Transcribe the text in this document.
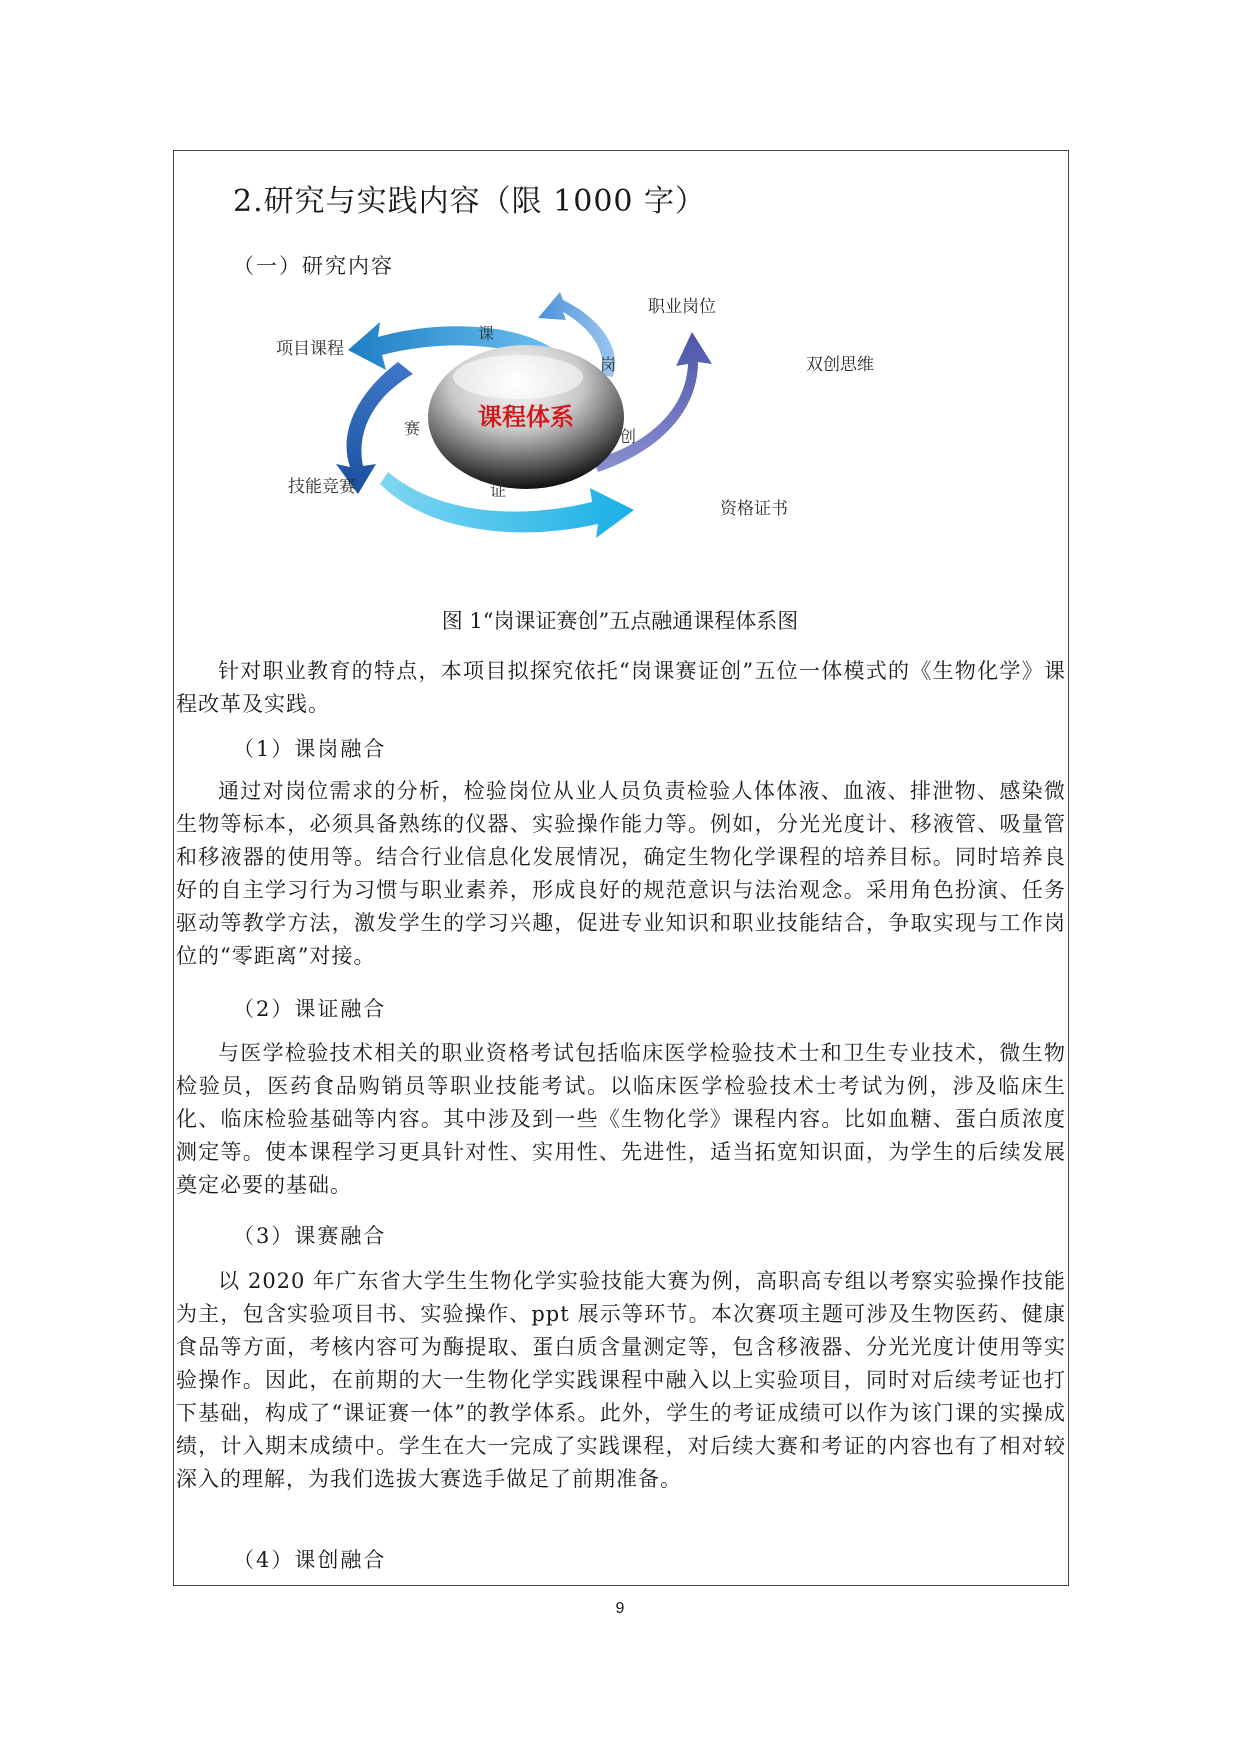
2.研究与实践内容（限 1000 字）
（一）研究内容
课程体系
课
岗
创
证
赛
职业岗位
项目课程
双创思维
技能竞赛
资格证书
图 1“岗课证赛创”五点融通课程体系图

针对职业教育的特点，本项目拟探究依托“岗课赛证创”五位一体模式的《生物化学》课程改革及实践。

（1）课岗融合

通过对岗位需求的分析，检验岗位从业人员负责检验人体体液、血液、排泄物、感染微生物等标本，必须具备熟练的仪器、实验操作能力等。例如，分光光度计、移液管、吸量管和移液器的使用等。结合行业信息化发展情况，确定生物化学课程的培养目标。同时培养良好的自主学习行为习惯与职业素养，形成良好的规范意识与法治观念。采用角色扮演、任务驱动等教学方法，激发学生的学习兴趣，促进专业知识和职业技能结合，争取实现与工作岗位的“零距离”对接。

（2）课证融合

与医学检验技术相关的职业资格考试包括临床医学检验技术士和卫生专业技术，微生物检验员，医药食品购销员等职业技能考试。以临床医学检验技术士考试为例，涉及临床生化、临床检验基础等内容。其中涉及到一些《生物化学》课程内容。比如血糖、蛋白质浓度测定等。使本课程学习更具针对性、实用性、先进性，适当拓宽知识面，为学生的后续发展奠定必要的基础。

（3）课赛融合

以 2020 年广东省大学生生物化学实验技能大赛为例，高职高专组以考察实验操作技能为主，包含实验项目书、实验操作、ppt 展示等环节。本次赛项主题可涉及生物医药、健康食品等方面，考核内容可为酶提取、蛋白质含量测定等，包含移液器、分光光度计使用等实验操作。因此，在前期的大一生物化学实践课程中融入以上实验项目，同时对后续考证也打下基础，构成了“课证赛一体”的教学体系。此外，学生的考证成绩可以作为该门课的实操成绩，计入期末成绩中。学生在大一完成了实践课程，对后续大赛和考证的内容也有了相对较深入的理解，为我们选拔大赛选手做足了前期准备。

（4）课创融合
9
